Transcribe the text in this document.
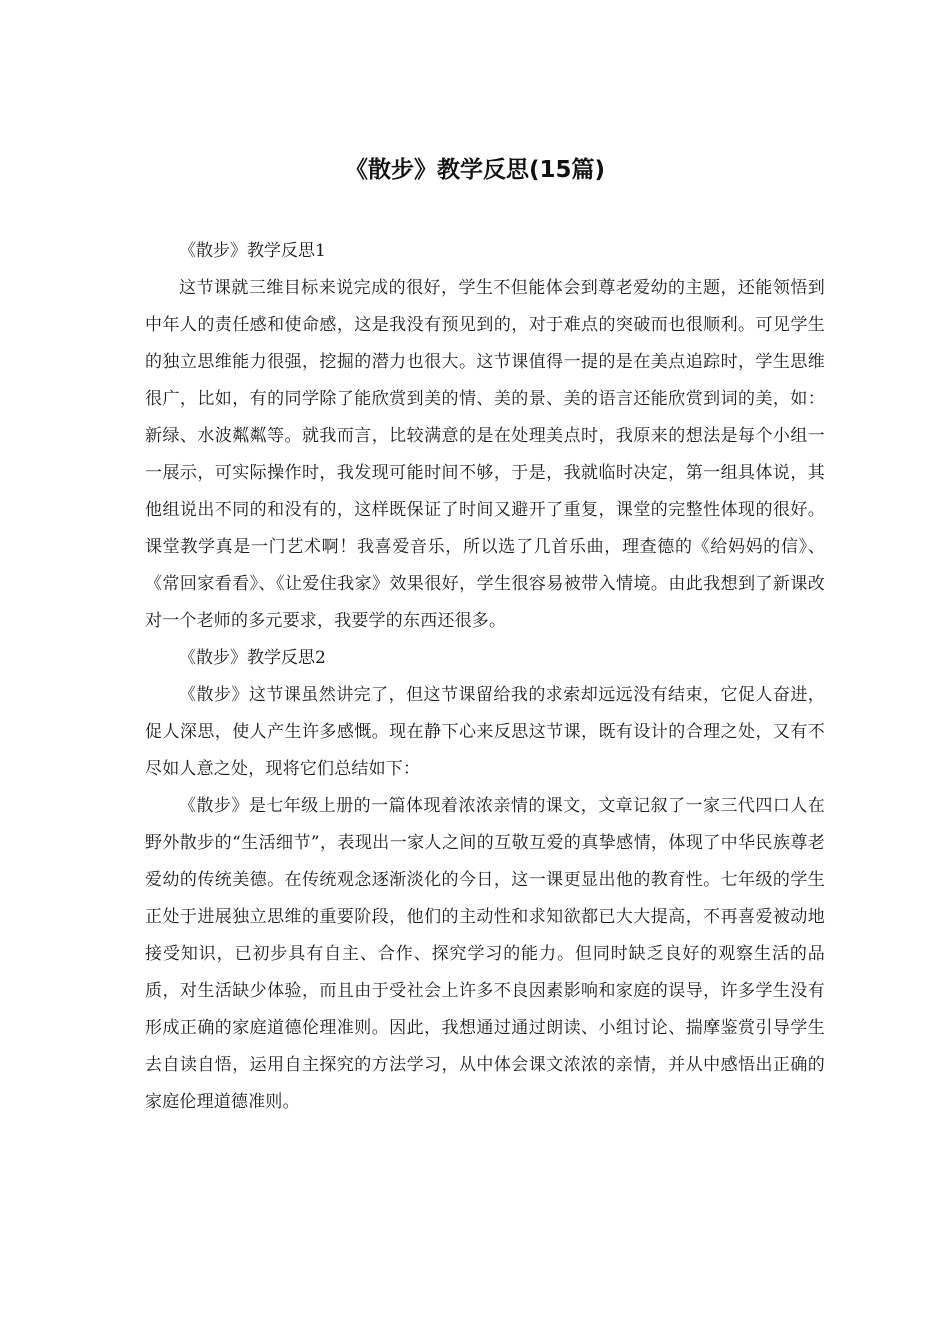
《散步》教学反思(15篇)

《散步》教学反思1

这节课就三维目标来说完成的很好，学生不但能体会到尊老爱幼的主题，还能领悟到中年人的责任感和使命感，这是我没有预见到的，对于难点的突破而也很顺利。可见学生的独立思维能力很强，挖掘的潜力也很大。这节课值得一提的是在美点追踪时，学生思维很广，比如，有的同学除了能欣赏到美的情、美的景、美的语言还能欣赏到词的美，如：新绿、水波粼粼等。就我而言，比较满意的是在处理美点时，我原来的想法是每个小组一一展示，可实际操作时，我发现可能时间不够，于是，我就临时决定，第一组具体说，其他组说出不同的和没有的，这样既保证了时间又避开了重复，课堂的完整性体现的很好。课堂教学真是一门艺术啊！我喜爱音乐，所以选了几首乐曲，理查德的《给妈妈的信》、《常回家看看》、《让爱住我家》效果很好，学生很容易被带入情境。由此我想到了新课改对一个老师的多元要求，我要学的东西还很多。

《散步》教学反思2

《散步》这节课虽然讲完了，但这节课留给我的求索却远远没有结束，它促人奋进，促人深思，使人产生许多感慨。现在静下心来反思这节课，既有设计的合理之处，又有不尽如人意之处，现将它们总结如下：

《散步》是七年级上册的一篇体现着浓浓亲情的课文，文章记叙了一家三代四口人在野外散步的“生活细节”，表现出一家人之间的互敬互爱的真挚感情，体现了中华民族尊老爱幼的传统美德。在传统观念逐渐淡化的今日，这一课更显出他的教育性。七年级的学生正处于进展独立思维的重要阶段，他们的主动性和求知欲都已大大提高，不再喜爱被动地接受知识，已初步具有自主、合作、探究学习的能力。但同时缺乏良好的观察生活的品质，对生活缺少体验，而且由于受社会上许多不良因素影响和家庭的误导，许多学生没有形成正确的家庭道德伦理准则。因此，我想通过通过朗读、小组讨论、揣摩鉴赏引导学生去自读自悟，运用自主探究的方法学习，从中体会课文浓浓的亲情，并从中感悟出正确的家庭伦理道德准则。
